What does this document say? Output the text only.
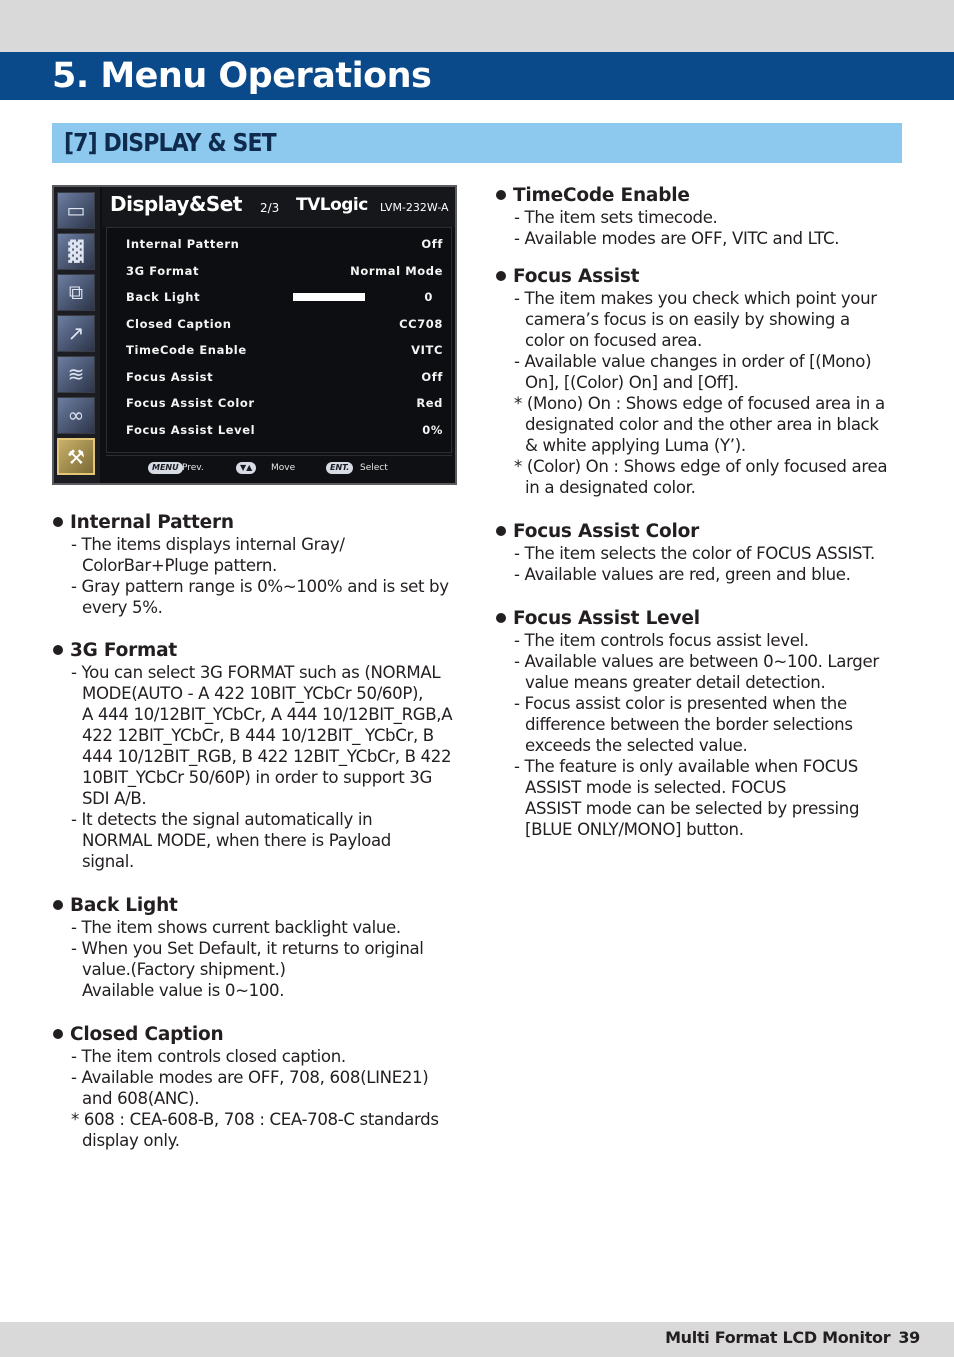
5. Menu Operations
[7] DISPLAY & SET
▭
▓
⧉
↗
≋
∞
⚒
Display&Set 2/3 TVLogic LVM-232W-A
Internal Pattern	Off
3G Format	Normal Mode
Back Light	0
Closed Caption	CC708
TimeCode Enable	VITC
Focus Assist	Off
Focus Assist Color	Red
Focus Assist Level	0%
MENU Prev.	▼▲	Move	ENT.	Select
Internal Pattern

- The items displays internal Gray/

ColorBar+Pluge pattern.

- Gray pattern range is 0%~100% and is set by

every 5%.

3G Format

- You can select 3G FORMAT such as (NORMAL

MODE(AUTO - A 422 10BIT_YCbCr 50/60P),

A 444 10/12BIT_YCbCr, A 444 10/12BIT_RGB,A

422 12BIT_YCbCr, B 444 10/12BIT_ YCbCr, B

444 10/12BIT_RGB, B 422 12BIT_YCbCr, B 422

10BIT_YCbCr 50/60P) in order to support 3G

SDI A/B.

- It detects the signal automatically in

NORMAL MODE, when there is Payload

signal.

Back Light

- The item shows current backlight value.

- When you Set Default, it returns to original

value.(Factory shipment.)

Available value is 0~100.

Closed Caption

- The item controls closed caption.

- Available modes are OFF, 708, 608(LINE21)

and 608(ANC).

* 608 : CEA-608-B, 708 : CEA-708-C standards

display only.

TimeCode Enable

- The item sets timecode.

- Available modes are OFF, VITC and LTC.

Focus Assist

- The item makes you check which point your

camera’s focus is on easily by showing a

color on focused area.

- Available value changes in order of [(Mono)

On], [(Color) On] and [Off].

* (Mono) On : Shows edge of focused area in a

designated color and the other area in black

& white applying Luma (Y’).

* (Color) On : Shows edge of only focused area

in a designated color.

Focus Assist Color

- The item selects the color of FOCUS ASSIST.

- Available values are red, green and blue.

Focus Assist Level

- The item controls focus assist level.

- Available values are between 0~100. Larger

value means greater detail detection.

- Focus assist color is presented when the

difference between the border selections

exceeds the selected value.

- The feature is only available when FOCUS

ASSIST mode is selected. FOCUS

ASSIST mode can be selected by pressing

[BLUE ONLY/MONO] button.

Multi Format LCD Monitor 39
